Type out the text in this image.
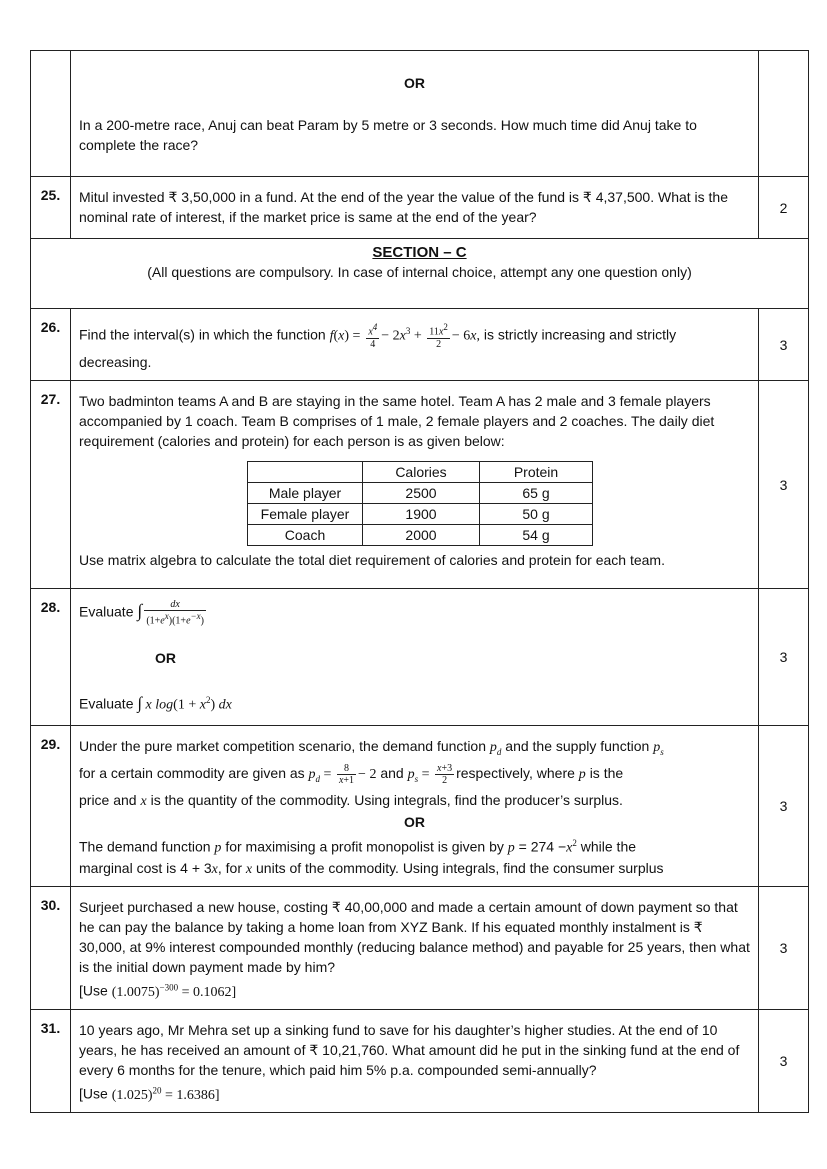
OR
In a 200-metre race, Anuj can beat Param by 5 metre or 3 seconds. How much time did Anuj take to complete the race?

25.	Mitul invested ₹ 3,50,000 in a fund. At the end of the year the value of the fund is ₹ 4,37,500. What is the nominal rate of interest, if the market price is same at the end of the year?	2

SECTION – C
(All questions are compulsory. In case of internal choice, attempt any one question only)

26.	Find the interval(s) in which the function $f(x) = \frac{x^4}{4} - 2x^3 + \frac{11x^2}{2} - 6x$, is strictly increasing and strictly decreasing.	3
27.	Two badminton teams A and B are staying in the same hotel. Team A has 2 male and 3 female players accompanied by 1 coach. Team B comprises of 1 male, 2 female players and 2 coaches. The daily diet requirement (calories and protein) for each person is as given below:
	Calories	Protein
Male player	2500	65 g
Female player	1900	50 g
Coach	2000	54 g
Use matrix algebra to calculate the total diet requirement of calories and protein for each team.
	3
28.	Evaluate ∫ $\frac{dx}{(1+e^x)(1+e^{-x})}$
OR
Evaluate ∫ x $\log(1 + x^2)$ dx
	3
29.	Under the pure market competition scenario, the demand function $p_d$ and the supply function $p_s$
for a certain commodity are given as $p_d = \frac{8}{x+1} - 2$ and $p_s = \frac{x+3}{2}$ respectively, where p is the
price and x is the quantity of the commodity. Using integrals, find the producer’s surplus.
OR
The demand function p for maximising a profit monopolist is given by $p = 274 -x^2$ while the
marginal cost is 4 + 3x, for x units of the commodity. Using integrals, find the consumer surplus
	3
30.	Surjeet purchased a new house, costing ₹ 40,00,000 and made a certain amount of down payment so that he can pay the balance by taking a home loan from XYZ Bank. If his equated monthly instalment is ₹ 30,000, at 9% interest compounded monthly (reducing balance method) and payable for 25 years, then what is the initial down payment made by him?
[Use $(1.0075)^{-300} = 0.1062$]
	3
31.	10 years ago, Mr Mehra set up a sinking fund to save for his daughter’s higher studies. At the end of 10 years, he has received an amount of ₹ 10,21,760. What amount did he put in the sinking fund at the end of every 6 months for the tenure, which paid him 5% p.a. compounded semi-annually?
[Use $(1.025)^{20} = 1.6386$]
	3
